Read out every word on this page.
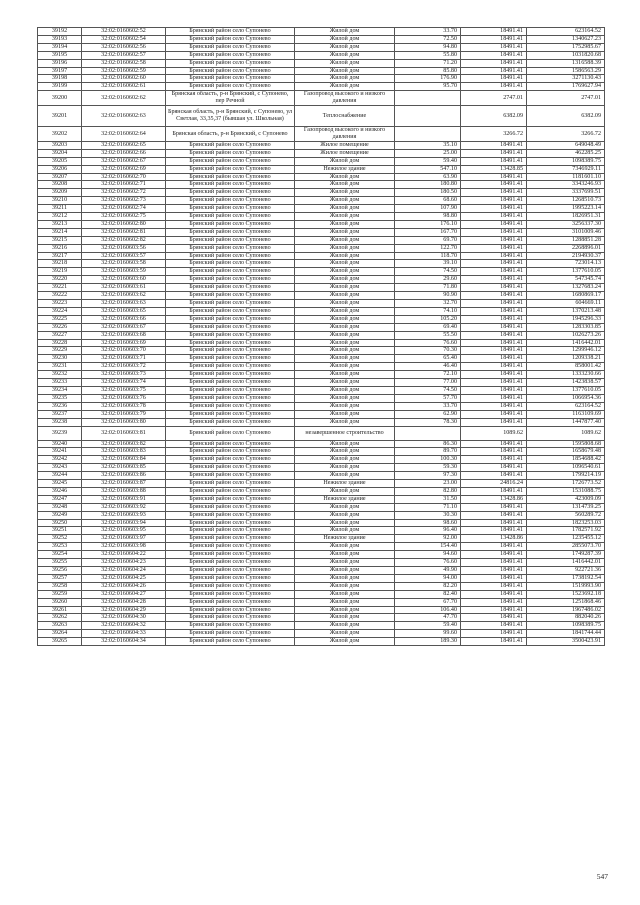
39192	32:02:0160602:52	Брянский район село Супонево	Жилой дом	33.70	18491.41	623164.52
39193	32:02:0160602:54	Брянский район село Супонево	Жилой дом	72.50	18491.41	1340627.23
39194	32:02:0160602:56	Брянский район село Супонево	Жилой дом	94.80	18491.41	1752985.67
39195	32:02:0160602:57	Брянский район село Супонево	Жилой дом	55.80	18491.41	1031820.68
39196	32:02:0160602:58	Брянский район село Супонево	Жилой дом	71.20	18491.41	1316588.39
39197	32:02:0160602:59	Брянский район село Супонево	Жилой дом	85.80	18491.41	1586563.29
39198	32:02:0160602:60	Брянский район село Супонево	Жилой дом	176.90	18491.41	3271130.43
39199	32:02:0160602:61	Брянский район село Супонево	Жилой дом	95.70	18491.41	1769627.94
39200	32:02:0160602:62	Брянская область, р-н Брянский, с Супонево, пер Речной	Газопровод высокого и низкого давления		2747.01	2747.01
39201	32:02:0160602:63	Брянская область, р-н Брянский, с Супонево, ул Светлая, 33,35,37 (бывшая ул. Школьная)	Теплоснабжение		6382.09	6382.09
39202	32:02:0160602:64	Брянская область, р-н Брянский, с Супонево	Газопровод высокого и низкого давления		3266.72	3266.72
39203	32:02:0160602:65	Брянский район село Супонево	Жилое помещение	35.10	18491.41	649048.49
39204	32:02:0160602:66	Брянский район село Супонево	Жилое помещение	25.00	18491.41	462285.25
39205	32:02:0160602:67	Брянский район село Супонево	Жилой дом	59.40	18491.41	1098389.75
39206	32:02:0160602:69	Брянский район село Супонево	Нежилое здание	547.10	13428.85	7346929.11
39207	32:02:0160602:70	Брянский район село Супонево	Жилой дом	63.90	18491.41	1181601.10
39208	32:02:0160602:71	Брянский район село Супонево	Жилой дом	180.80	18491.41	3343246.93
39209	32:02:0160602:72	Брянский район село Супонево	Жилой дом	180.50	18491.41	3337699.51
39210	32:02:0160602:73	Брянский район село Супонево	Жилой дом	68.60	18491.41	1268510.73
39211	32:02:0160602:74	Брянский район село Супонево	Жилой дом	107.90	18491.41	1995223.14
39212	32:02:0160602:75	Брянский район село Супонево	Жилой дом	98.80	18491.41	1826951.31
39213	32:02:0160602:80	Брянский район село Супонево	Жилой дом	176.10	18491.41	3256337.30
39214	32:02:0160602:81	Брянский район село Супонево	Жилой дом	167.70	18491.41	3101009.46
39215	32:02:0160602:82	Брянский район село Супонево	Жилой дом	69.70	18491.41	1288851.28
39216	32:02:0160603:56	Брянский район село Супонево	Жилой дом	122.70	18491.41	2268896.01
39217	32:02:0160603:57	Брянский район село Супонево	Жилой дом	118.70	18491.41	2194930.37
39218	32:02:0160603:58	Брянский район село Супонево	Жилой дом	39.10	18491.41	723014.13
39219	32:02:0160603:59	Брянский район село Супонево	Жилой дом	74.50	18491.41	1377610.05
39220	32:02:0160603:60	Брянский район село Супонево	Жилой дом	29.60	18491.41	547345.74
39221	32:02:0160603:61	Брянский район село Супонево	Жилой дом	71.80	18491.41	1327683.24
39222	32:02:0160603:62	Брянский район село Супонево	Жилой дом	90.90	18491.41	1680869.17
39223	32:02:0160603:63	Брянский район село Супонево	Жилой дом	32.70	18491.41	604669.11
39224	32:02:0160603:65	Брянский район село Супонево	Жилой дом	74.10	18491.41	1370213.48
39225	32:02:0160603:66	Брянский район село Супонево	Жилой дом	105.20	18491.41	1945296.33
39226	32:02:0160603:67	Брянский район село Супонево	Жилой дом	69.40	18491.41	1283303.85
39227	32:02:0160603:68	Брянский район село Супонево	Жилой дом	55.50	18491.41	1026273.26
39228	32:02:0160603:69	Брянский район село Супонево	Жилой дом	76.60	18491.41	1416442.01
39229	32:02:0160603:70	Брянский район село Супонево	Жилой дом	70.30	18491.41	1299946.12
39230	32:02:0160603:71	Брянский район село Супонево	Жилой дом	65.40	18491.41	1209338.21
39231	32:02:0160603:72	Брянский район село Супонево	Жилой дом	46.40	18491.41	858001.42
39232	32:02:0160603:73	Брянский район село Супонево	Жилой дом	72.10	18491.41	1333230.66
39233	32:02:0160603:74	Брянский район село Супонево	Жилой дом	77.00	18491.41	1423838.57
39234	32:02:0160603:75	Брянский район село Супонево	Жилой дом	74.50	18491.41	1377610.05
39235	32:02:0160603:76	Брянский район село Супонево	Жилой дом	57.70	18491.41	1066954.36
39236	32:02:0160603:78	Брянский район село Супонево	Жилой дом	33.70	18491.41	623164.52
39237	32:02:0160603:79	Брянский район село Супонево	Жилой дом	62.90	18491.41	1163109.69
39238	32:02:0160603:80	Брянский район село Супонево	Жилой дом	78.30	18491.41	1447877.40
39239	32:02:0160603:81	Брянский район село Супонево	незавершенное строительство		1089.62	1089.62
39240	32:02:0160603:82	Брянский район село Супонево	Жилой дом	86.30	18491.41	1595808.68
39241	32:02:0160603:83	Брянский район село Супонево	Жилой дом	89.70	18491.41	1658679.48
39242	32:02:0160603:84	Брянский район село Супонево	Жилой дом	100.30	18491.41	1854688.42
39243	32:02:0160603:85	Брянский район село Супонево	Жилой дом	59.30	18491.41	1096540.61
39244	32:02:0160603:86	Брянский район село Супонево	Жилой дом	97.30	18491.41	1799214.19
39245	32:02:0160603:87	Брянский район село Супонево	Нежилое здание	23.00	24816.24	1726773.52
39246	32:02:0160603:88	Брянский район село Супонево	Жилой дом	82.80	18491.41	1531088.75
39247	32:02:0160603:91	Брянский район село Супонево	Нежилое здание	31.50	13428.86	423009.09
39248	32:02:0160603:92	Брянский район село Супонево	Жилой дом	71.10	18491.41	1314739.25
39249	32:02:0160603:93	Брянский район село Супонево	Жилой дом	30.30	18491.41	560289.72
39250	32:02:0160603:94	Брянский район село Супонево	Жилой дом	98.60	18491.41	1823253.03
39251	32:02:0160603:95	Брянский район село Супонево	Жилой дом	96.40	18491.41	1782571.92
39252	32:02:0160603:97	Брянский район село Супонево	Нежилое здание	92.00	13428.86	1235455.12
39253	32:02:0160603:98	Брянский район село Супонево	Жилой дом	154.40	18491.41	2855073.70
39254	32:02:0160604:22	Брянский район село Супонево	Жилой дом	94.60	18491.41	1749287.39
39255	32:02:0160604:23	Брянский район село Супонево	Жилой дом	76.60	18491.41	1416442.01
39256	32:02:0160604:24	Брянский район село Супонево	Жилой дом	49.90	18491.41	922721.36
39257	32:02:0160604:25	Брянский район село Супонево	Жилой дом	94.00	18491.41	1738192.54
39258	32:02:0160604:26	Брянский район село Супонево	Жилой дом	82.20	18491.41	1519993.90
39259	32:02:0160604:27	Брянский район село Супонево	Жилой дом	82.40	18491.41	1523692.18
39260	32:02:0160604:28	Брянский район село Супонево	Жилой дом	67.70	18491.41	1251868.46
39261	32:02:0160604:29	Брянский район село Супонево	Жилой дом	106.40	18491.41	1967486.02
39262	32:02:0160604:30	Брянский район село Супонево	Жилой дом	47.70	18491.41	882040.26
39263	32:02:0160604:32	Брянский район село Супонево	Жилой дом	59.40	18491.41	1098389.75
39264	32:02:0160604:33	Брянский район село Супонево	Жилой дом	99.60	18491.41	1841744.44
39265	32:02:0160604:34	Брянский район село Супонево	Жилой дом	189.30	18491.41	3500423.91
547
